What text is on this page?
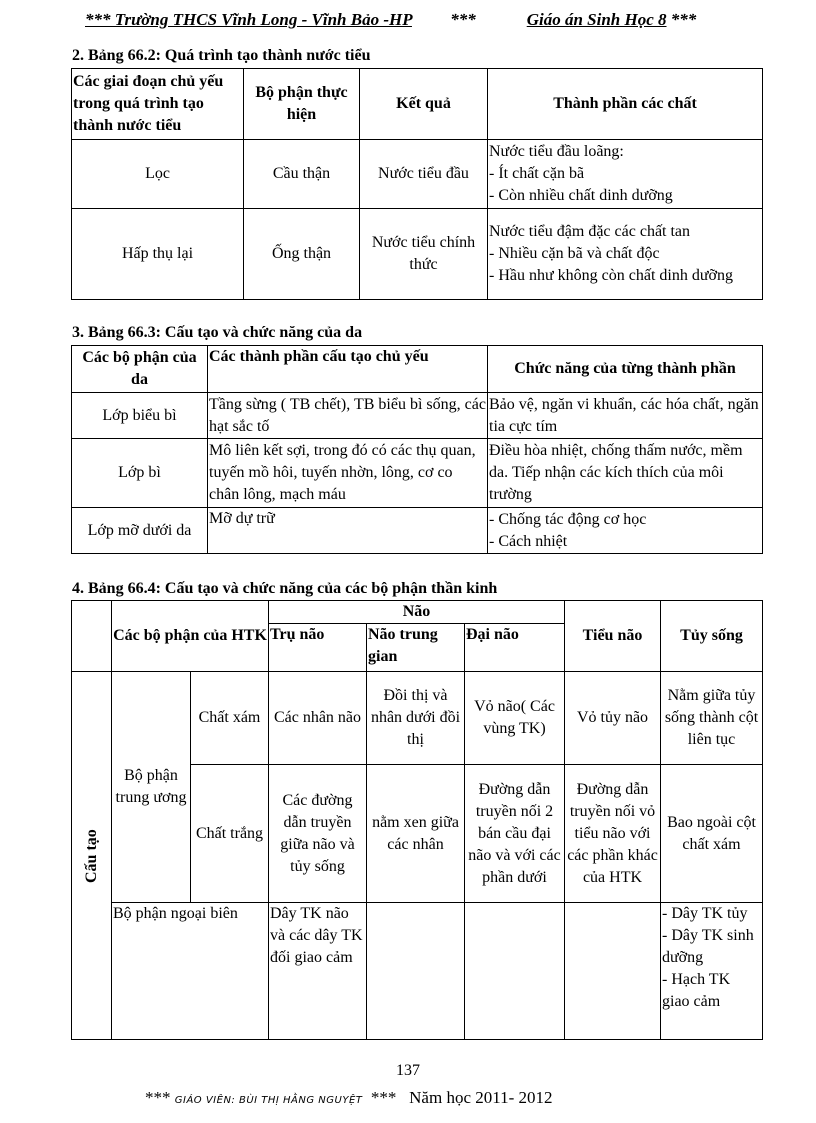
*** Trường THCS Vĩnh Long - Vĩnh Bảo -HP ***	Giáo án Sinh Học 8 ***
2. Bảng 66.2: Quá trình tạo thành nước tiểu
Các giai đoạn chủ yếu trong quá trình tạo thành nước tiểu	Bộ phận thực hiện	Kết quả	Thành phần các chất
Lọc	Cầu thận	Nước tiểu đầu	Nước tiểu đầu loãng:
- Ít chất cặn bã
- Còn nhiều chất dinh dưỡng

Hấp thụ lại	Ống thận	Nước tiểu chính thức	Nước tiểu đậm đặc các chất tan
- Nhiều cặn bã và chất độc
- Hầu như không còn chất dinh dưỡng
3. Bảng 66.3: Cấu tạo và chức năng của da
Các bộ phận của da	Các thành phần cấu tạo chủ yếu	Chức năng của từng thành phần
Lớp biểu bì	Tầng sừng ( TB chết), TB biểu bì sống, các hạt sắc tố	Bảo vệ, ngăn vi khuẩn, các hóa chất, ngăn tia cực tím
Lớp bì	Mô liên kết sợi, trong đó có các thụ quan, tuyến mồ hôi, tuyến nhờn, lông, cơ co chân lông, mạch máu	Điều hòa nhiệt, chống thấm nước, mềm da. Tiếp nhận các kích thích của môi trường
Lớp mỡ dưới da	Mỡ dự trữ	- Chống tác động cơ học
- Cách nhiệt
4. Bảng 66.4: Cấu tạo và chức năng của các bộ phận thần kinh
	Các bộ phận của HTK		Não			Tiểu não	Tủy sống
			Trụ não	Não trung gian	Đại não		
Cấu tạo	Bộ phận trung ương	Chất xám	Các nhân não	Đồi thị và nhân dưới đồi thị	Vỏ não( Các vùng TK)	Vỏ tủy não	Nằm giữa tủy sống thành cột liên tục
		Chất trắng	Các đường dẫn truyền giữa não và tủy sống	nằm xen giữa các nhân	Đường dẫn truyền nối 2 bán cầu đại não và với các phần dưới	Đường dẫn truyền nối vỏ tiểu não với các phần khác của HTK	Bao ngoài cột chất xám
	Bộ phận ngoại biên		Dây TK não và các dây TK đối giao cảm				- Dây TK tủy
- Dây TK sinh dưỡng
- Hạch TK giao cảm
137
*** GIÁO VIÊN: BÙI THỊ HẰNG NGUYỆT *** Năm học 2011- 2012
